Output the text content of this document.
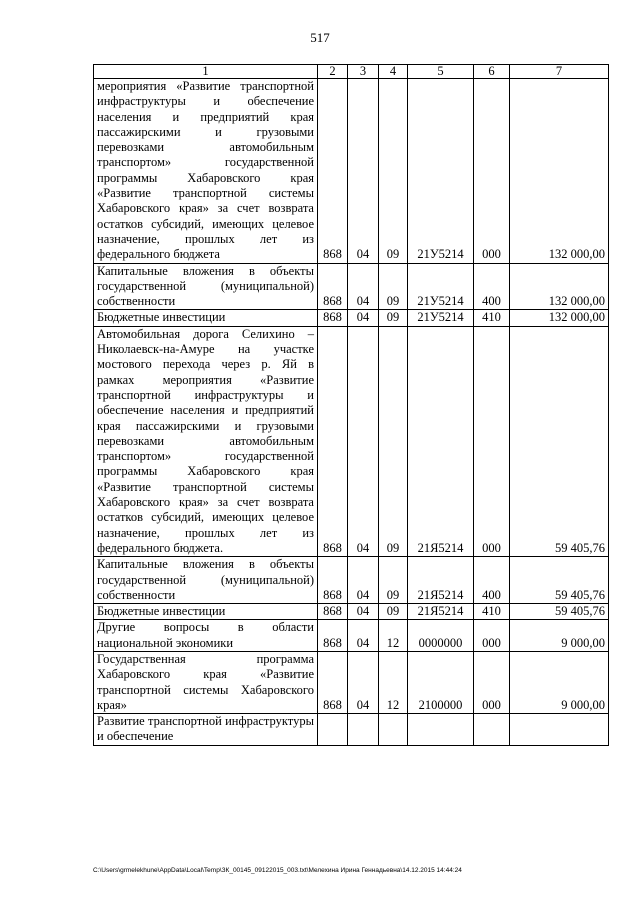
517
1	2	3	4	5	6	7
мероприятия «Развитие транспортной инфраструктуры и обеспечение населения и предприятий края пассажирскими и грузовыми перевозками автомобильным транспортом» государственной программы Хабаровского края «Развитие транспортной системы Хабаровского края» за счет возврата остатков субсидий, имеющих целевое назначение, прошлых лет из федерального бюджета	868	04	09	21У5214	000	132 000,00
Капитальные вложения в объекты государственной (муниципальной) собственности	868	04	09	21У5214	400	132 000,00
Бюджетные инвестиции	868	04	09	21У5214	410	132 000,00
Автомобильная дорога Селихино – Николаевск-на-Амуре на участке мостового перехода через р. Яй в рамках мероприятия «Развитие транспортной инфраструктуры и обеспечение населения и предприятий края пассажирскими и грузовыми перевозками автомобильным транспортом» государственной программы Хабаровского края «Развитие транспортной системы Хабаровского края» за счет возврата остатков субсидий, имеющих целевое назначение, прошлых лет из федерального бюджета.	868	04	09	21Я5214	000	59 405,76
Капитальные вложения в объекты государственной (муниципальной) собственности	868	04	09	21Я5214	400	59 405,76
Бюджетные инвестиции	868	04	09	21Я5214	410	59 405,76
Другие вопросы в области национальной экономики	868	04	12	0000000	000	9 000,00
Государственная программа Хабаровского края «Развитие транспортной системы Хабаровского края»	868	04	12	2100000	000	9 000,00
Развитие транспортной инфраструктуры и обеспечение						
C:\Users\grmelekhune\AppData\Local\Temp\ЗК_00145_09122015_003.txt\Мелехина Ирина Геннадьевна\14.12.2015 14:44:24
